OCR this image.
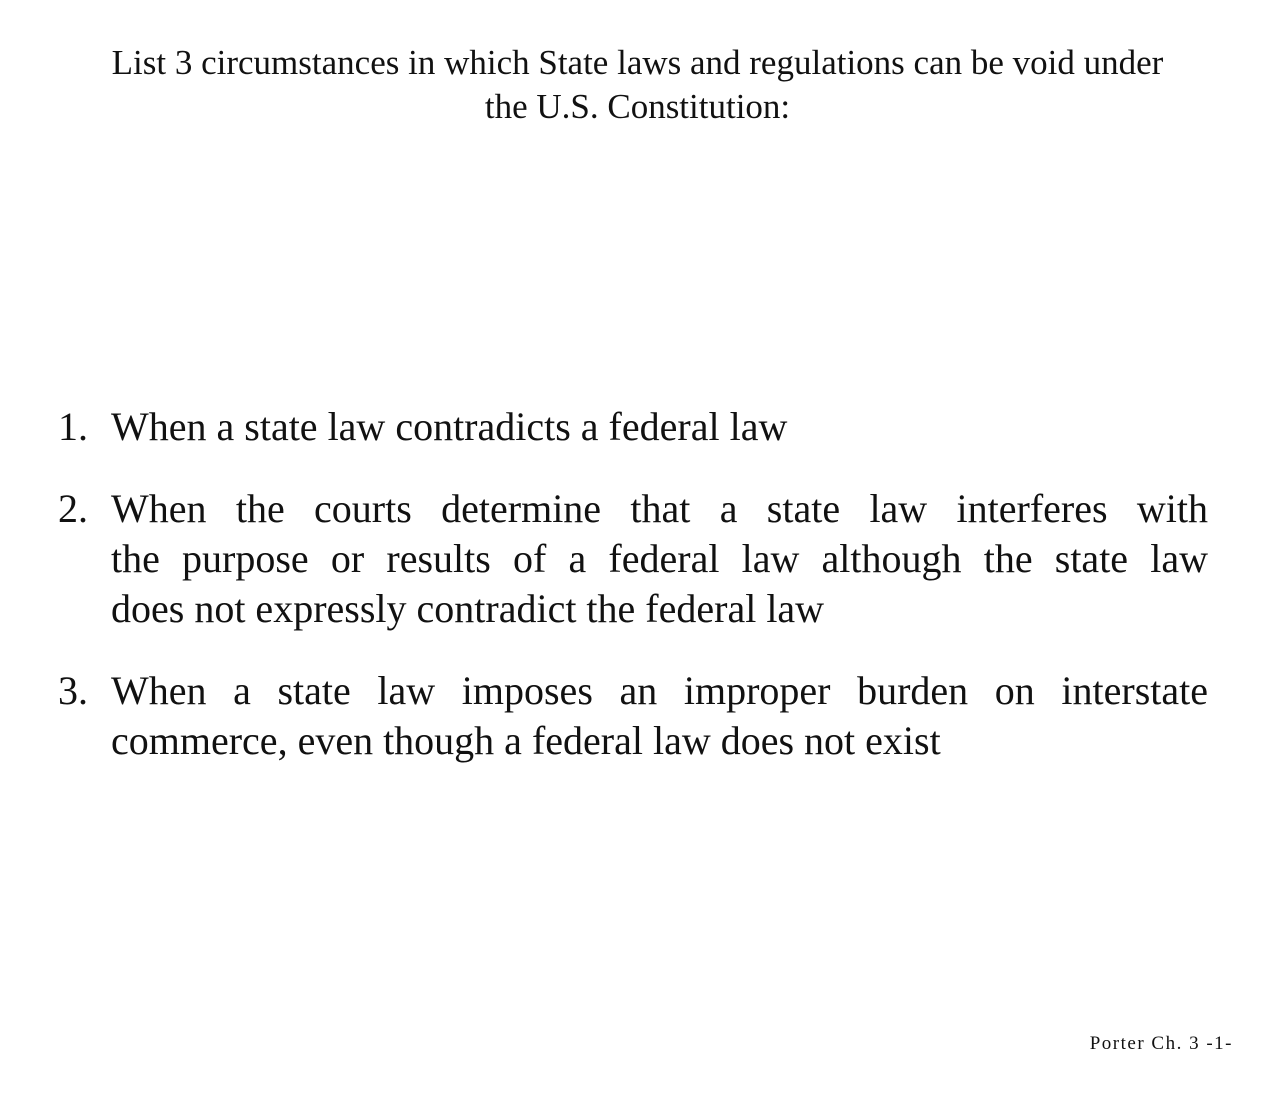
List 3 circumstances in which State laws and regulations can be void under
the U.S. Constitution:
1. When a state law contradicts a federal law
2. When the courts determine that a state law interferes with
the purpose or results of a federal law although the state law
does not expressly contradict the federal law
3. When a state law imposes an improper burden on interstate
commerce, even though a federal law does not exist
Porter Ch. 3 -1-
